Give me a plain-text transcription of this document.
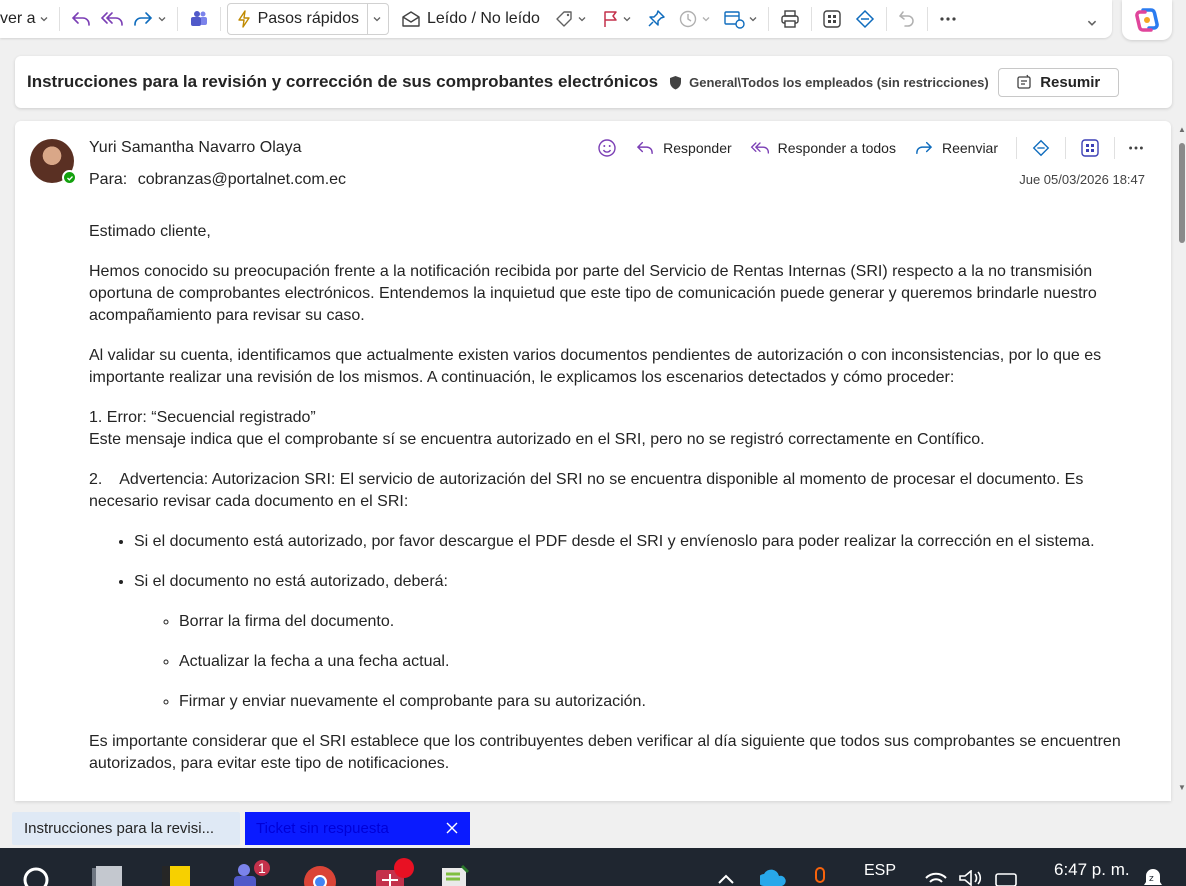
ver a	Pasos rápidos	Leído / No leído
Instrucciones para la revisión y corrección de sus comprobantes electrónicos General\Todos los empleados (sin restricciones)	Resumir
Yuri Samantha Navarro Olaya
Para: cobranzas@portalnet.com.ec
Responder	Responder a todos	Reenviar
Jue 05/03/2026 18:47

Estimado cliente,

Hemos conocido su preocupación frente a la notificación recibida por parte del Servicio de Rentas Internas (SRI) respecto a la no transmisión oportuna de comprobantes electrónicos. Entendemos la inquietud que este tipo de comunicación puede generar y queremos brindarle nuestro acompañamiento para revisar su caso.

Al validar su cuenta, identificamos que actualmente existen varios documentos pendientes de autorización o con inconsistencias, por lo que es importante realizar una revisión de los mismos. A continuación, le explicamos los escenarios detectados y cómo proceder:

1. Error: “Secuencial registrado”
Este mensaje indica que el comprobante sí se encuentra autorizado en el SRI, pero no se registró correctamente en Contífico.

2.    Advertencia: Autorizacion SRI: El servicio de autorización del SRI no se encuentra disponible al momento de procesar el documento. Es necesario revisar cada documento en el SRI:

• Si el documento está autorizado, por favor descargue el PDF desde el SRI y envíenoslo para poder realizar la corrección en el sistema.
• Si el documento no está autorizado, deberá:
◦ Borrar la firma del documento.
◦ Actualizar la fecha a una fecha actual.
◦ Firmar y enviar nuevamente el comprobante para su autorización.

Es importante considerar que el SRI establece que los contribuyentes deben verificar al día siguiente que todos sus comprobantes se encuentren autorizados, para evitar este tipo de notificaciones.

▲
▼
Instrucciones para la revisi...	Ticket sin respuesta
1	ESP	6:47 p. m. z
